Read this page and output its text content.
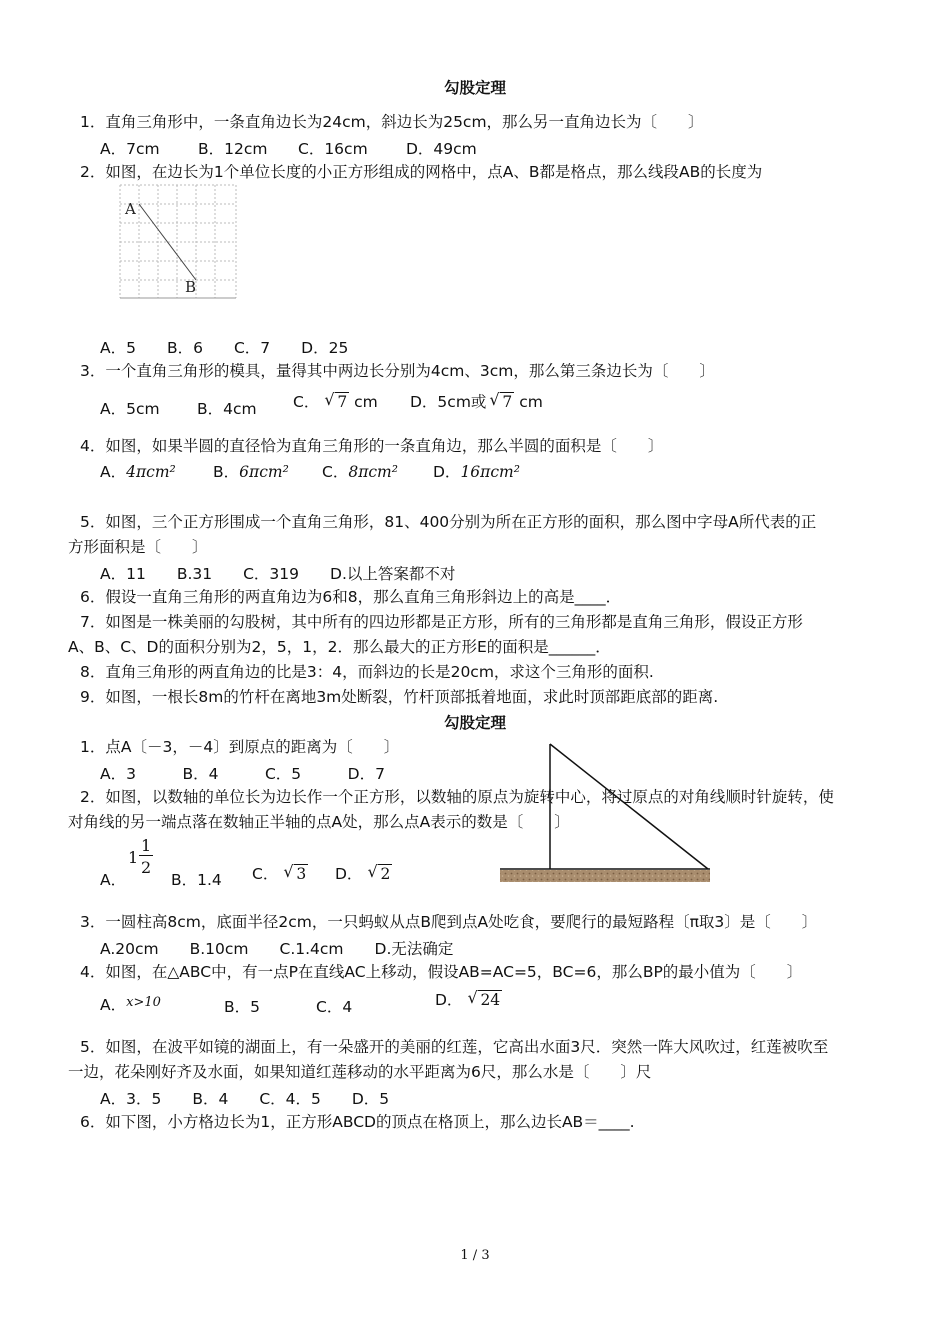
勾股定理
1．直角三角形中，一条直角边长为24cm，斜边长为25cm，那么另一直角边长为〔　　〕
A．7cm B．12cm C．16cm D．49cm
2．如图，在边长为1个单位长度的小正方形组成的网格中，点A、B都是格点，那么线段AB的长度为
A
B
A．5　　B．6　　C．7　　D．25
3．一个直角三角形的模具，量得其中两边长分别为4cm、3cm，那么第三条边长为〔　　〕
A．5cm B．4cm C． √ 7 cm D．5cm或 √ 7 cm
4．如图，如果半圆的直径恰为直角三角形的一条直角边，那么半圆的面积是〔　　〕
A．4πcm² B．6πcm² C．8πcm² D．16πcm²
5．如图，三个正方形围成一个直角三角形，81、400分别为所在正方形的面积，那么图中字母A所代表的正
方形面积是〔　　〕
A．11　　B.31　　C．319　　D.以上答案都不对
6．假设一直角三角形的两直角边为6和8，那么直角三角形斜边上的高是____．
7．如图是一株美丽的勾股树，其中所有的四边形都是正方形，所有的三角形都是直角三角形，假设正方形
A、B、C、D的面积分别为2，5，1，2．那么最大的正方形E的面积是______．
8．直角三角形的两直角边的比是3：4，而斜边的长是20cm，求这个三角形的面积.
9．如图，一根长8m的竹杆在离地3m处断裂，竹杆顶部抵着地面，求此时顶部距底部的距离.
勾股定理
1．点A〔－3，－4〕到原点的距离为〔　　〕
A．3　　　B．4　　　C．5　　　D．7
2．如图，以数轴的单位长为边长作一个正方形，以数轴的原点为旋转中心，将过原点的对角线顺时针旋转，使
对角线的另一端点落在数轴正半轴的点A处，那么点A表示的数是〔　　〕
A．
1
1
2
B．1.4 C． √ 3 D． √ 2
3．一圆柱高8cm，底面半径2cm，一只蚂蚁从点B爬到点A处吃食，要爬行的最短路程〔π取3〕是〔　　〕
A.20cm　　B.10cm　　C.1.4cm　　D.无法确定
4．如图，在△ABC中，有一点P在直线AC上移动，假设AB=AC=5，BC=6，那么BP的最小值为〔　　〕
A．$^{x>10}$	B．5	C．4	D． √ 24
5．如图，在波平如镜的湖面上，有一朵盛开的美丽的红莲，它高出水面3尺．突然一阵大风吹过，红莲被吹至
一边，花朵刚好齐及水面，如果知道红莲移动的水平距离为6尺，那么水是〔　　〕尺
A．3．5　　B．4　　C．4．5　　D．5
6．如下图，小方格边长为1，正方形ABCD的顶点在格顶上，那么边长AB＝____.
1 / 3
